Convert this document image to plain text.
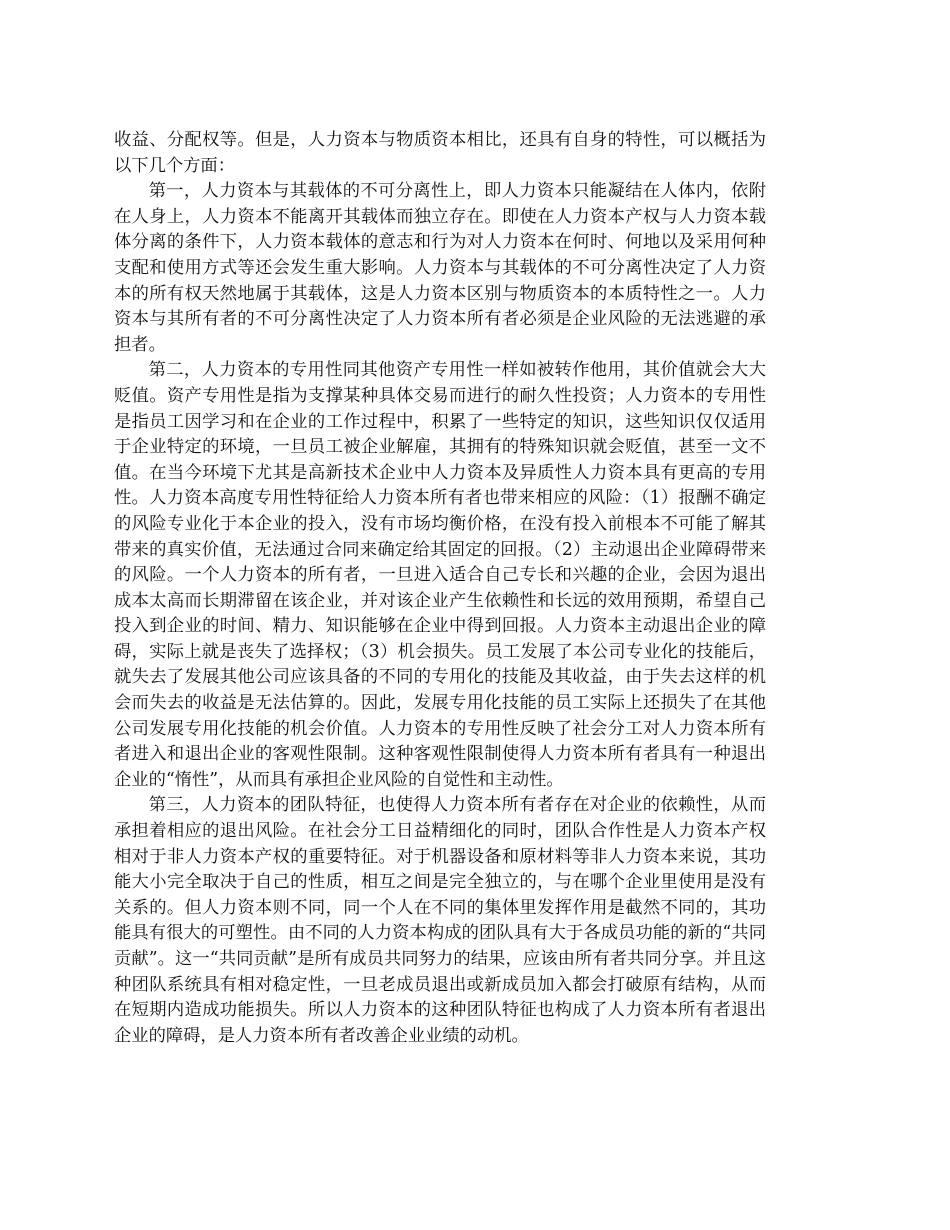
收益、分配权等。但是，人力资本与物质资本相比，还具有自身的特性，可以概括为以下几个方面：

第一，人力资本与其载体的不可分离性上，即人力资本只能凝结在人体内，依附在人身上，人力资本不能离开其载体而独立存在。即使在人力资本产权与人力资本载体分离的条件下，人力资本载体的意志和行为对人力资本在何时、何地以及采用何种支配和使用方式等还会发生重大影响。人力资本与其载体的不可分离性决定了人力资本的所有权天然地属于其载体，这是人力资本区别与物质资本的本质特性之一。人力资本与其所有者的不可分离性决定了人力资本所有者必须是企业风险的无法逃避的承担者。

第二，人力资本的专用性同其他资产专用性一样如被转作他用，其价值就会大大贬值。资产专用性是指为支撑某种具体交易而进行的耐久性投资；人力资本的专用性是指员工因学习和在企业的工作过程中，积累了一些特定的知识，这些知识仅仅适用于企业特定的环境，一旦员工被企业解雇，其拥有的特殊知识就会贬值，甚至一文不值。在当今环境下尤其是高新技术企业中人力资本及异质性人力资本具有更高的专用性。人力资本高度专用性特征给人力资本所有者也带来相应的风险：（1）报酬不确定的风险专业化于本企业的投入，没有市场均衡价格，在没有投入前根本不可能了解其带来的真实价值，无法通过合同来确定给其固定的回报。（2）主动退出企业障碍带来的风险。一个人力资本的所有者，一旦进入适合自己专长和兴趣的企业，会因为退出成本太高而长期滞留在该企业，并对该企业产生依赖性和长远的效用预期，希望自己投入到企业的时间、精力、知识能够在企业中得到回报。人力资本主动退出企业的障碍，实际上就是丧失了选择权；（3）机会损失。员工发展了本公司专业化的技能后，就失去了发展其他公司应该具备的不同的专用化的技能及其收益，由于失去这样的机会而失去的收益是无法估算的。因此，发展专用化技能的员工实际上还损失了在其他公司发展专用化技能的机会价值。人力资本的专用性反映了社会分工对人力资本所有者进入和退出企业的客观性限制。这种客观性限制使得人力资本所有者具有一种退出企业的“惰性”，从而具有承担企业风险的自觉性和主动性。

第三，人力资本的团队特征，也使得人力资本所有者存在对企业的依赖性，从而承担着相应的退出风险。在社会分工日益精细化的同时，团队合作性是人力资本产权相对于非人力资本产权的重要特征。对于机器设备和原材料等非人力资本来说，其功能大小完全取决于自己的性质，相互之间是完全独立的，与在哪个企业里使用是没有关系的。但人力资本则不同，同一个人在不同的集体里发挥作用是截然不同的，其功能具有很大的可塑性。由不同的人力资本构成的团队具有大于各成员功能的新的“共同贡献”。这一“共同贡献”是所有成员共同努力的结果，应该由所有者共同分享。并且这种团队系统具有相对稳定性，一旦老成员退出或新成员加入都会打破原有结构，从而在短期内造成功能损失。所以人力资本的这种团队特征也构成了人力资本所有者退出企业的障碍，是人力资本所有者改善企业业绩的动机。
